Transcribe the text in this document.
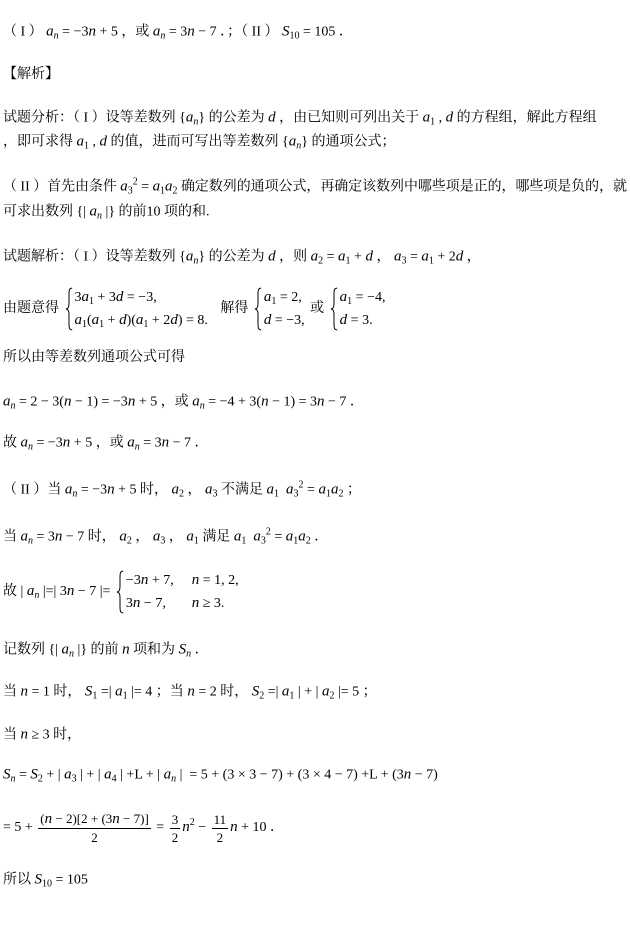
（ I ） $a_n = -3n + 5$ ，或 $a_n = 3n - 7$ ．；（ II ） $S_{10} = 105$ ．
【解析】
试题分析：（ I ）设等差数列 $\{a_n\}$ 的公差为 d ，由已知则可列出关于 $a_1$ , d 的方程组，解此方程组
，即可求得 $a_1$ , d 的值，进而可写出等差数列 $\{a_n\}$ 的通项公式；
（ II ）首先由条件 $a_3^2 = a_1a_2$ 确定数列的通项公式，再确定该数列中哪些项是正的，哪些项是负的，就
可求出数列 {| $a_n$ |} 的前10 项的和.
试题解析：（ I ）设等差数列 $\{a_n\}$ 的公差为 d ，则 $a_2 = a_1 + d$ ， $a_3 = a_1 + 2d$ ，
由题意得
$3a_1 + 3d = -3$,
$a_1(a_1 + d)(a_1 + 2d) = 8$.
解得
$a_1 = 2$,
d = −3,
或
$a_1 = -4$,
d = 3.
所以由等差数列通项公式可得
$a_n = 2 - 3(n - 1) = -3n + 5$ ，或 $a_n = -4 + 3(n - 1) = 3n - 7$ ．
故 $a_n = -3n + 5$ ，或 $a_n = 3n - 7$ ．
（ II ）当 $a_n = -3n + 5$ 时， $a_2$ ， $a_3$ 不满足 $a_1$ $a_3^2 = a_1a_2$ ；
当 $a_n = 3n - 7$ 时， $a_2$ ， $a_3$ ， $a_1$ 满足 $a_1$ $a_3^2 = a_1a_2$ ．
故 | $a_n$ |=| 3n − 7 |=
−3n + 7, n = 1, 2,
3n − 7,	n ≥ 3.
记数列 {| $a_n$ |} 的前 n 项和为 $S_n$ ．
当 n = 1 时， $S_1$ =| $a_1$ |= 4 ；当 n = 2 时， $S_2$ =| $a_1$ | + | $a_2$ |= 5 ；
当 n ≥ 3 时，
$S_n = S_2$ + | $a_3$ | + | $a_4$ | +L + | $a_n$ |  = 5 + (3 × 3 − 7) + (3 × 4 − 7) +L + (3n − 7)
= $5 + \frac{(n - 2)[2 + (3n - 7)]}{2} = \frac{3}{2} n^2 - \frac{11}{2}$ n + 10 ．
所以 $S_{10} = 105$
